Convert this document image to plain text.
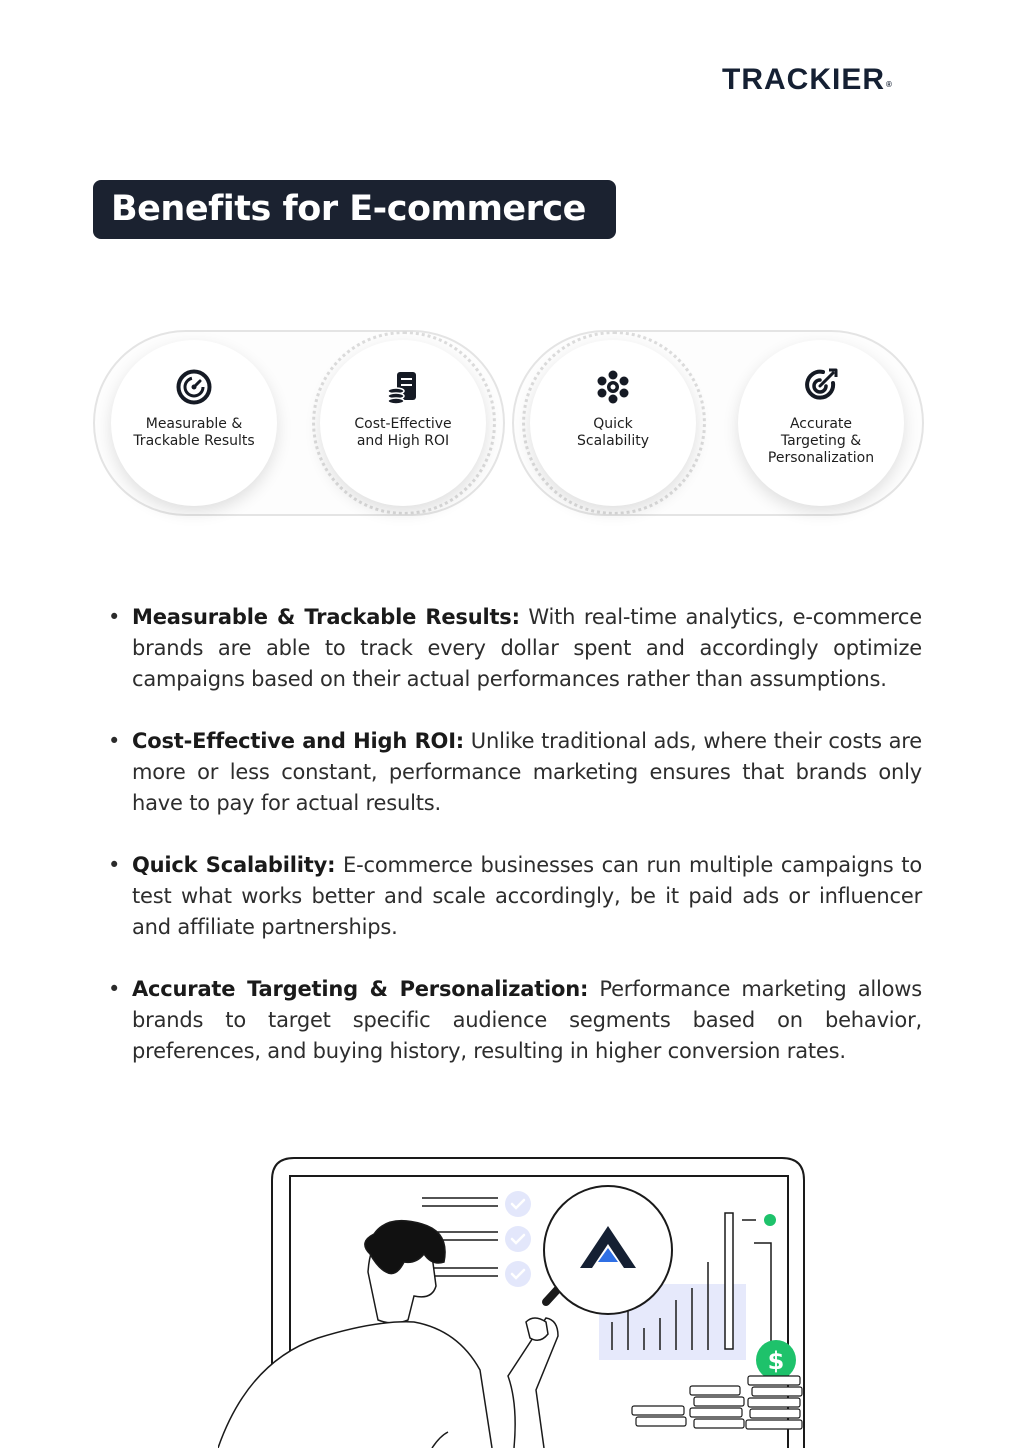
TRACKIER®
Benefits for E-commerce
Measurable &
Trackable Results
Cost-Effective
and High ROI
Quick
Scalability
Accurate
Targeting &
Personalization
• Measurable & Trackable Results: With real-time analytics, e-commerce brands are able to track every dollar spent and accordingly optimize campaigns based on their actual performances rather than assumptions.
• Cost-Effective and High ROI: Unlike traditional ads, where their costs are more or less constant, performance marketing ensures that brands only have to pay for actual results.
• Quick Scalability: E-commerce businesses can run multiple campaigns to test what works better and scale accordingly, be it paid ads or influencer and affiliate partnerships.
• Accurate Targeting & Personalization: Performance marketing allows brands to target specific audience segments based on behavior, preferences, and buying history, resulting in higher conversion rates.
$
